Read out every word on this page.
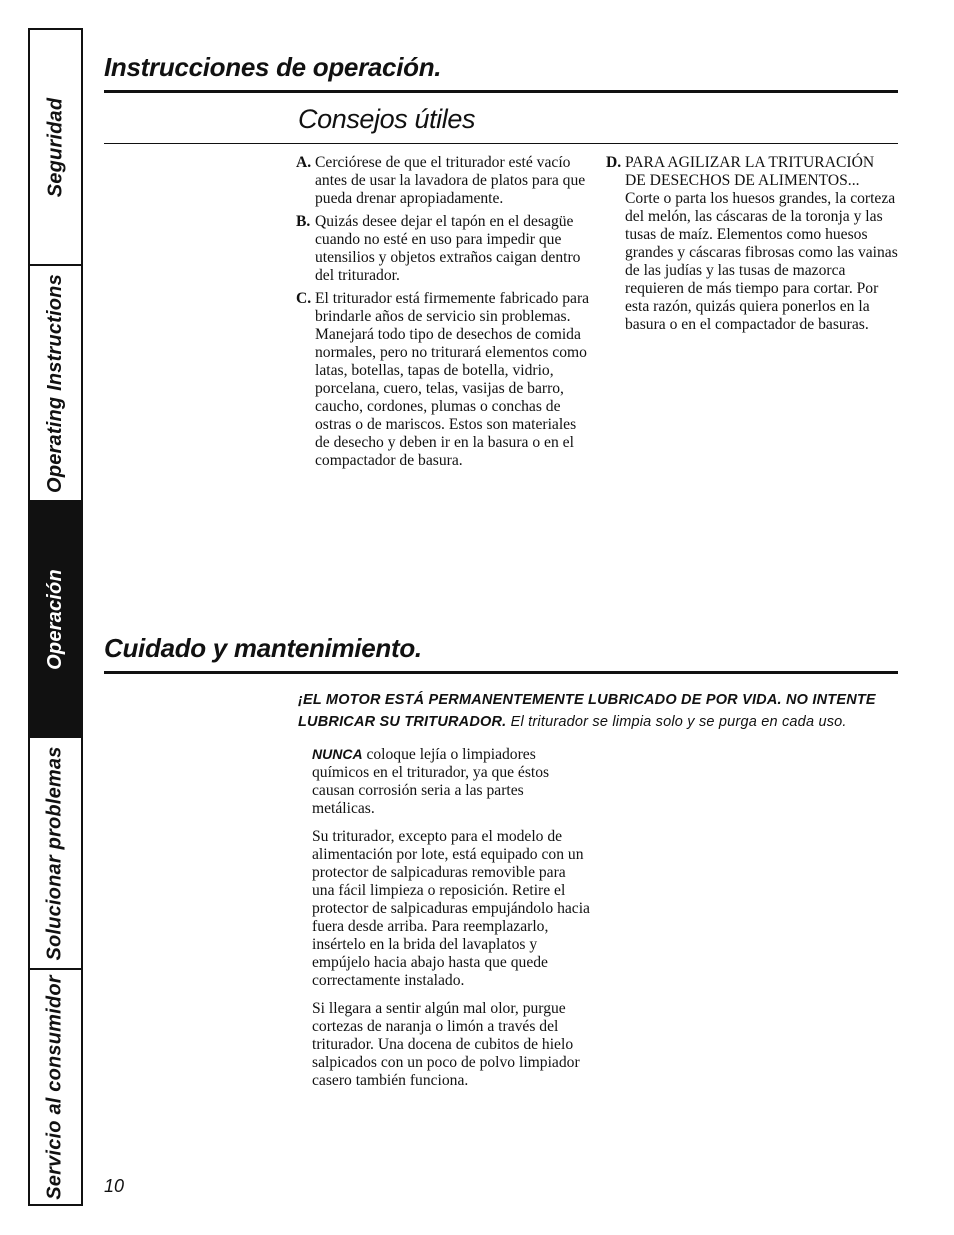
Seguridad
Operating Instructions
Operación
Solucionar problemas
Servicio al consumidor
Instrucciones de operación.
Consejos útiles
A. Cerciórese de que el triturador esté vacío antes de usar la lavadora de platos para que pueda drenar apropiadamente.
B. Quizás desee dejar el tapón en el desagüe cuando no esté en uso para impedir que utensilios y objetos extraños caigan dentro del triturador.
C. El triturador está firmemente fabricado para brindarle años de servicio sin problemas. Manejará todo tipo de desechos de comida normales, pero no triturará elementos como latas, botellas, tapas de botella, vidrio, porcelana, cuero, telas, vasijas de barro, caucho, cordones, plumas o conchas de ostras o de mariscos. Estos son materiales de desecho y deben ir en la basura o en el compactador de basura.
D. PARA AGILIZAR LA TRITURACIÓN DE DESECHOS DE ALIMENTOS... Corte o parta los huesos grandes, la corteza del melón, las cáscaras de la toronja y las tusas de maíz. Elementos como huesos grandes y cáscaras fibrosas como las vainas de las judías y las tusas de mazorca requieren de más tiempo para cortar. Por esta razón, quizás quiera ponerlos en la basura o en el compactador de basuras.
Cuidado y mantenimiento.
¡EL MOTOR ESTÁ PERMANENTEMENTE LUBRICADO DE POR VIDA. NO INTENTE LUBRICAR SU TRITURADOR. El triturador se limpia solo y se purga en cada uso.

NUNCA coloque lejía o limpiadores químicos en el triturador, ya que éstos causan corrosión seria a las partes metálicas.

Su triturador, excepto para el modelo de alimentación por lote, está equipado con un protector de salpicaduras removible para una fácil limpieza o reposición. Retire el protector de salpicaduras empujándolo hacia fuera desde arriba. Para reemplazarlo, insértelo en la brida del lavaplatos y empújelo hacia abajo hasta que quede correctamente instalado.

Si llegara a sentir algún mal olor, purgue cortezas de naranja o limón a través del triturador. Una docena de cubitos de hielo salpicados con un poco de polvo limpiador casero también funciona.

10
